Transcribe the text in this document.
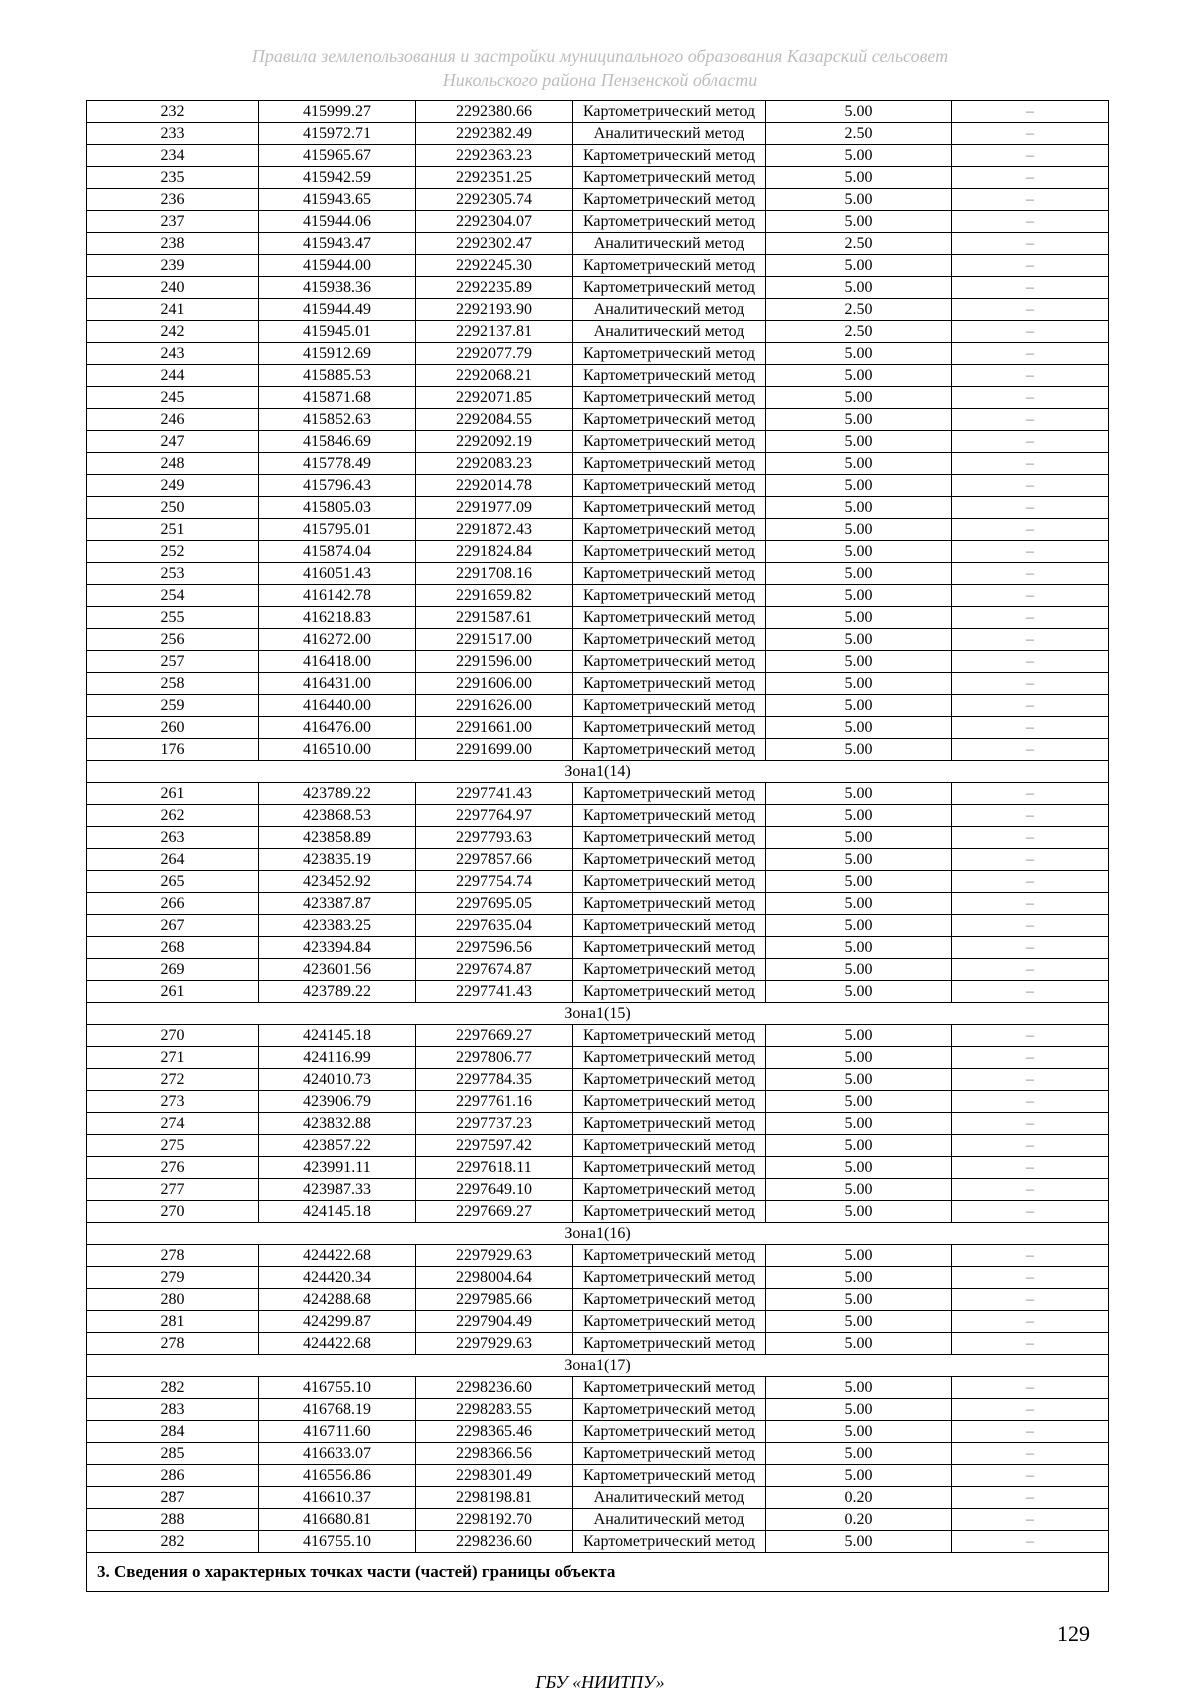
Правила землепользования и застройки муниципального образования Казарский сельсовет
Никольского района Пензенской области
232	415999.27	2292380.66	Картометрический метод	5.00	–
233	415972.71	2292382.49	Аналитический метод	2.50	–
234	415965.67	2292363.23	Картометрический метод	5.00	–
235	415942.59	2292351.25	Картометрический метод	5.00	–
236	415943.65	2292305.74	Картометрический метод	5.00	–
237	415944.06	2292304.07	Картометрический метод	5.00	–
238	415943.47	2292302.47	Аналитический метод	2.50	–
239	415944.00	2292245.30	Картометрический метод	5.00	–
240	415938.36	2292235.89	Картометрический метод	5.00	–
241	415944.49	2292193.90	Аналитический метод	2.50	–
242	415945.01	2292137.81	Аналитический метод	2.50	–
243	415912.69	2292077.79	Картометрический метод	5.00	–
244	415885.53	2292068.21	Картометрический метод	5.00	–
245	415871.68	2292071.85	Картометрический метод	5.00	–
246	415852.63	2292084.55	Картометрический метод	5.00	–
247	415846.69	2292092.19	Картометрический метод	5.00	–
248	415778.49	2292083.23	Картометрический метод	5.00	–
249	415796.43	2292014.78	Картометрический метод	5.00	–
250	415805.03	2291977.09	Картометрический метод	5.00	–
251	415795.01	2291872.43	Картометрический метод	5.00	–
252	415874.04	2291824.84	Картометрический метод	5.00	–
253	416051.43	2291708.16	Картометрический метод	5.00	–
254	416142.78	2291659.82	Картометрический метод	5.00	–
255	416218.83	2291587.61	Картометрический метод	5.00	–
256	416272.00	2291517.00	Картометрический метод	5.00	–
257	416418.00	2291596.00	Картометрический метод	5.00	–
258	416431.00	2291606.00	Картометрический метод	5.00	–
259	416440.00	2291626.00	Картометрический метод	5.00	–
260	416476.00	2291661.00	Картометрический метод	5.00	–
176	416510.00	2291699.00	Картометрический метод	5.00	–
Зона1(14)					
261	423789.22	2297741.43	Картометрический метод	5.00	–
262	423868.53	2297764.97	Картометрический метод	5.00	–
263	423858.89	2297793.63	Картометрический метод	5.00	–
264	423835.19	2297857.66	Картометрический метод	5.00	–
265	423452.92	2297754.74	Картометрический метод	5.00	–
266	423387.87	2297695.05	Картометрический метод	5.00	–
267	423383.25	2297635.04	Картометрический метод	5.00	–
268	423394.84	2297596.56	Картометрический метод	5.00	–
269	423601.56	2297674.87	Картометрический метод	5.00	–
261	423789.22	2297741.43	Картометрический метод	5.00	–
Зона1(15)					
270	424145.18	2297669.27	Картометрический метод	5.00	–
271	424116.99	2297806.77	Картометрический метод	5.00	–
272	424010.73	2297784.35	Картометрический метод	5.00	–
273	423906.79	2297761.16	Картометрический метод	5.00	–
274	423832.88	2297737.23	Картометрический метод	5.00	–
275	423857.22	2297597.42	Картометрический метод	5.00	–
276	423991.11	2297618.11	Картометрический метод	5.00	–
277	423987.33	2297649.10	Картометрический метод	5.00	–
270	424145.18	2297669.27	Картометрический метод	5.00	–
Зона1(16)					
278	424422.68	2297929.63	Картометрический метод	5.00	–
279	424420.34	2298004.64	Картометрический метод	5.00	–
280	424288.68	2297985.66	Картометрический метод	5.00	–
281	424299.87	2297904.49	Картометрический метод	5.00	–
278	424422.68	2297929.63	Картометрический метод	5.00	–
Зона1(17)					
282	416755.10	2298236.60	Картометрический метод	5.00	–
283	416768.19	2298283.55	Картометрический метод	5.00	–
284	416711.60	2298365.46	Картометрический метод	5.00	–
285	416633.07	2298366.56	Картометрический метод	5.00	–
286	416556.86	2298301.49	Картометрический метод	5.00	–
287	416610.37	2298198.81	Аналитический метод	0.20	–
288	416680.81	2298192.70	Аналитический метод	0.20	–
282	416755.10	2298236.60	Картометрический метод	5.00	–
3. Сведения о характерных точках части (частей) границы объекта					
129
ГБУ «НИИТПУ»
